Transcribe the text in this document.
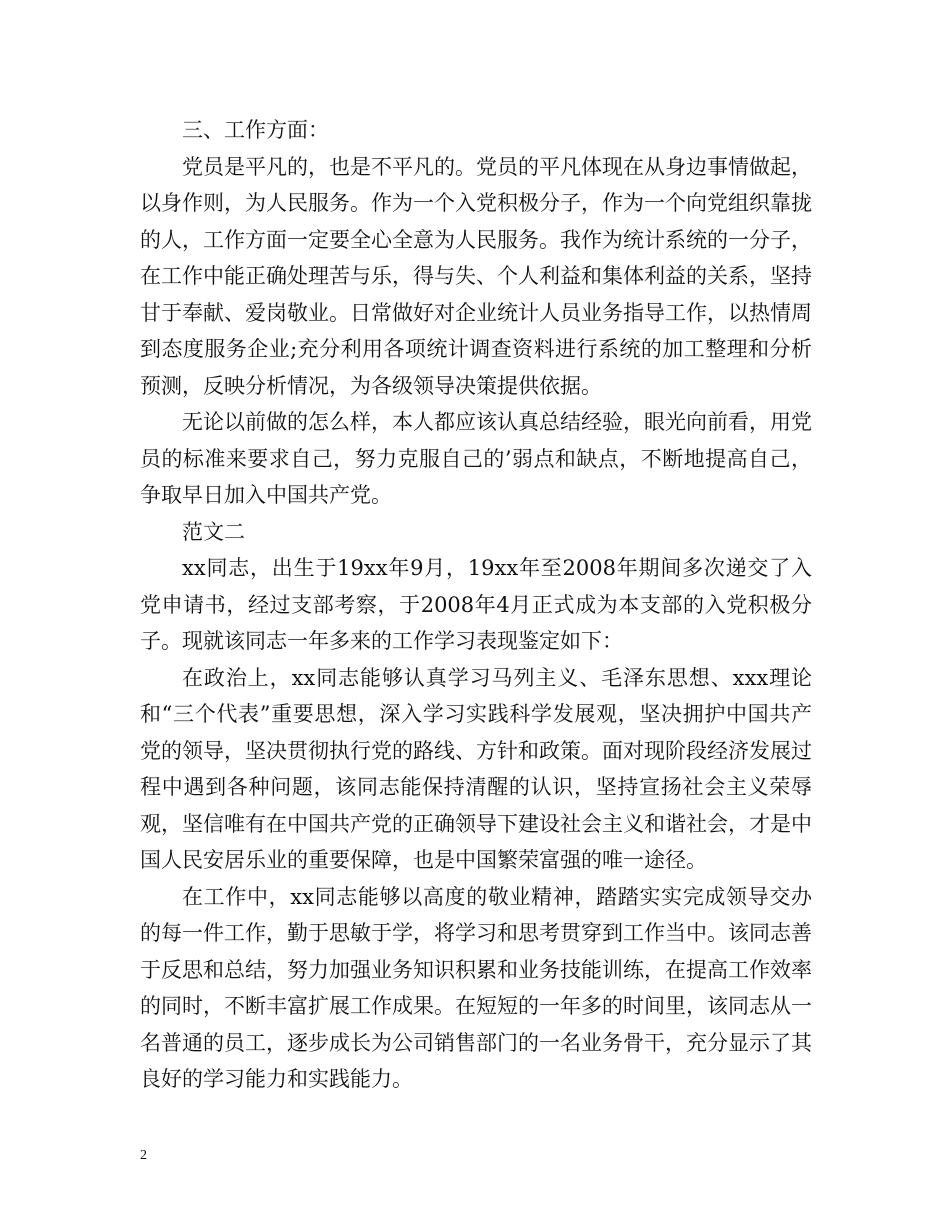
三、工作方面：

党员是平凡的，也是不平凡的。党员的平凡体现在从身边事情做起，以身作则，为人民服务。作为一个入党积极分子，作为一个向党组织靠拢的人，工作方面一定要全心全意为人民服务。我作为统计系统的一分子，在工作中能正确处理苦与乐，得与失、个人利益和集体利益的关系，坚持甘于奉献、爱岗敬业。日常做好对企业统计人员业务指导工作，以热情周到态度服务企业;充分利用各项统计调查资料进行系统的加工整理和分析预测，反映分析情况，为各级领导决策提供依据。

无论以前做的怎么样，本人都应该认真总结经验，眼光向前看，用党员的标准来要求自己，努力克服自己的’弱点和缺点，不断地提高自己，争取早日加入中国共产党。

范文二

xx同志，出生于19xx年9月，19xx年至2008年期间多次递交了入党申请书，经过支部考察，于2008年4月正式成为本支部的入党积极分子。现就该同志一年多来的工作学习表现鉴定如下：

在政治上，xx同志能够认真学习马列主义、毛泽东思想、xxx理论和“三个代表”重要思想，深入学习实践科学发展观，坚决拥护中国共产党的领导，坚决贯彻执行党的路线、方针和政策。面对现阶段经济发展过程中遇到各种问题，该同志能保持清醒的认识，坚持宣扬社会主义荣辱观，坚信唯有在中国共产党的正确领导下建设社会主义和谐社会，才是中国人民安居乐业的重要保障，也是中国繁荣富强的唯一途径。

在工作中，xx同志能够以高度的敬业精神，踏踏实实完成领导交办的每一件工作，勤于思敏于学，将学习和思考贯穿到工作当中。该同志善于反思和总结，努力加强业务知识积累和业务技能训练，在提高工作效率的同时，不断丰富扩展工作成果。在短短的一年多的时间里，该同志从一名普通的员工，逐步成长为公司销售部门的一名业务骨干，充分显示了其良好的学习能力和实践能力。

2
